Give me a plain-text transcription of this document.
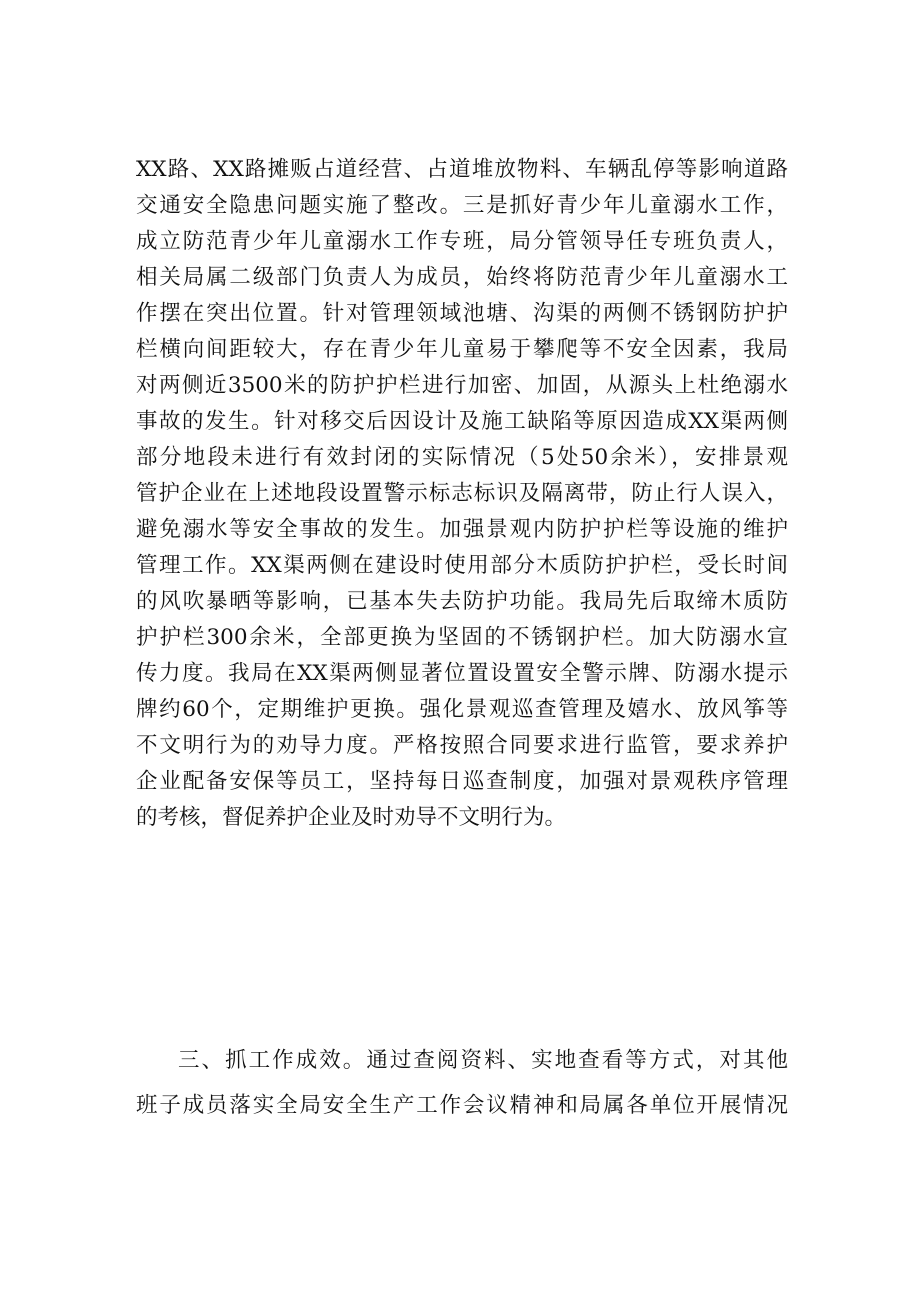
XX路、XX路摊贩占道经营、占道堆放物料、车辆乱停等影响道路
交通安全隐患问题实施了整改。三是抓好青少年儿童溺水工作，
成立防范青少年儿童溺水工作专班，局分管领导任专班负责人，
相关局属二级部门负责人为成员，始终将防范青少年儿童溺水工
作摆在突出位置。针对管理领域池塘、沟渠的两侧不锈钢防护护
栏横向间距较大，存在青少年儿童易于攀爬等不安全因素，我局
对两侧近3500米的防护护栏进行加密、加固，从源头上杜绝溺水
事故的发生。针对移交后因设计及施工缺陷等原因造成XX渠两侧
部分地段未进行有效封闭的实际情况（5处50余米），安排景观
管护企业在上述地段设置警示标志标识及隔离带，防止行人误入，
避免溺水等安全事故的发生。加强景观内防护护栏等设施的维护
管理工作。XX渠两侧在建设时使用部分木质防护护栏，受长时间
的风吹暴晒等影响，已基本失去防护功能。我局先后取缔木质防
护护栏300余米，全部更换为坚固的不锈钢护栏。加大防溺水宣
传力度。我局在XX渠两侧显著位置设置安全警示牌、防溺水提示
牌约60个，定期维护更换。强化景观巡查管理及嬉水、放风筝等
不文明行为的劝导力度。严格按照合同要求进行监管，要求养护
企业配备安保等员工，坚持每日巡查制度，加强对景观秩序管理
的考核，督促养护企业及时劝导不文明行为。
三、抓工作成效。通过查阅资料、实地查看等方式，对其他
班子成员落实全局安全生产工作会议精神和局属各单位开展情况
